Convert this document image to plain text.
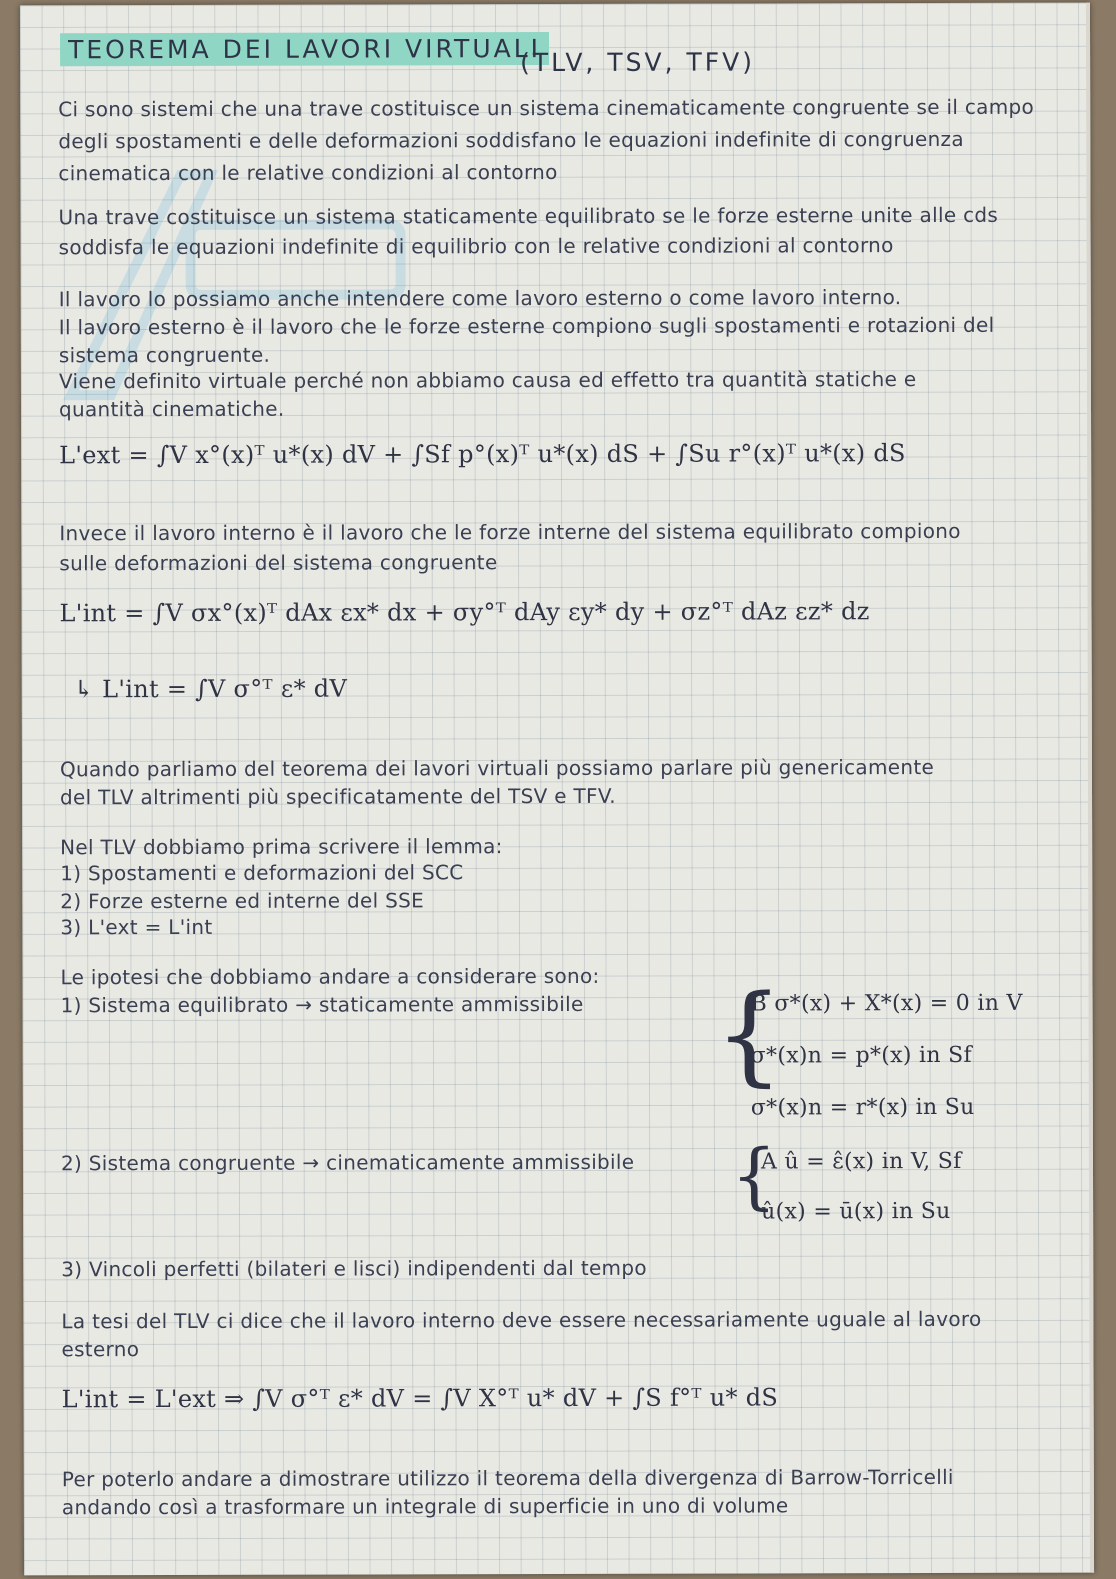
TEOREMA DEI LAVORI VIRTUALI
(TLV, TSV, TFV)
Ci sono sistemi che una trave costituisce un sistema cinematicamente congruente se il campo
degli spostamenti e delle deformazioni soddisfano le equazioni indefinite di congruenza
cinematica con le relative condizioni al contorno
Una trave costituisce un sistema staticamente equilibrato se le forze esterne unite alle cds
soddisfa le equazioni indefinite di equilibrio con le relative condizioni al contorno
Il lavoro lo possiamo anche intendere come lavoro esterno o come lavoro interno.
Il lavoro esterno è il lavoro che le forze esterne compiono sugli spostamenti e rotazioni del
sistema congruente.
Viene definito virtuale perché non abbiamo causa ed effetto tra quantità statiche e
quantità cinematiche.
L'ext = ∫V x°(x)ᵀ u*(x) dV + ∫Sf p°(x)ᵀ u*(x) dS + ∫Su r°(x)ᵀ u*(x) dS
Invece il lavoro interno è il lavoro che le forze interne del sistema equilibrato compiono
sulle deformazioni del sistema congruente
L'int = ∫V σx°(x)ᵀ dAx εx* dx + σy°ᵀ dAy εy* dy + σz°ᵀ dAz εz* dz
↳ L'int = ∫V σ°ᵀ ε* dV
Quando parliamo del teorema dei lavori virtuali possiamo parlare più genericamente
del TLV altrimenti più specificatamente del TSV e TFV.
Nel TLV dobbiamo prima scrivere il lemma:
1) Spostamenti e deformazioni del SCC
2) Forze esterne ed interne del SSE
3) L'ext = L'int
Le ipotesi che dobbiamo andare a considerare sono:
1) Sistema equilibrato → staticamente ammissibile {
B σ*(x) + X*(x) = 0 in V
σ*(x)n = p*(x) in Sf
σ*(x)n = r*(x) in Su
2) Sistema congruente → cinematicamente ammissibile {
A û = ε̂(x) in V, Sf
û(x) = ū(x) in Su
3) Vincoli perfetti (bilateri e lisci) indipendenti dal tempo
La tesi del TLV ci dice che il lavoro interno deve essere necessariamente uguale al lavoro
esterno
L'int = L'ext ⇒ ∫V σ°ᵀ ε* dV = ∫V X°ᵀ u* dV + ∫S f°ᵀ u* dS
Per poterlo andare a dimostrare utilizzo il teorema della divergenza di Barrow-Torricelli
andando così a trasformare un integrale di superficie in uno di volume
